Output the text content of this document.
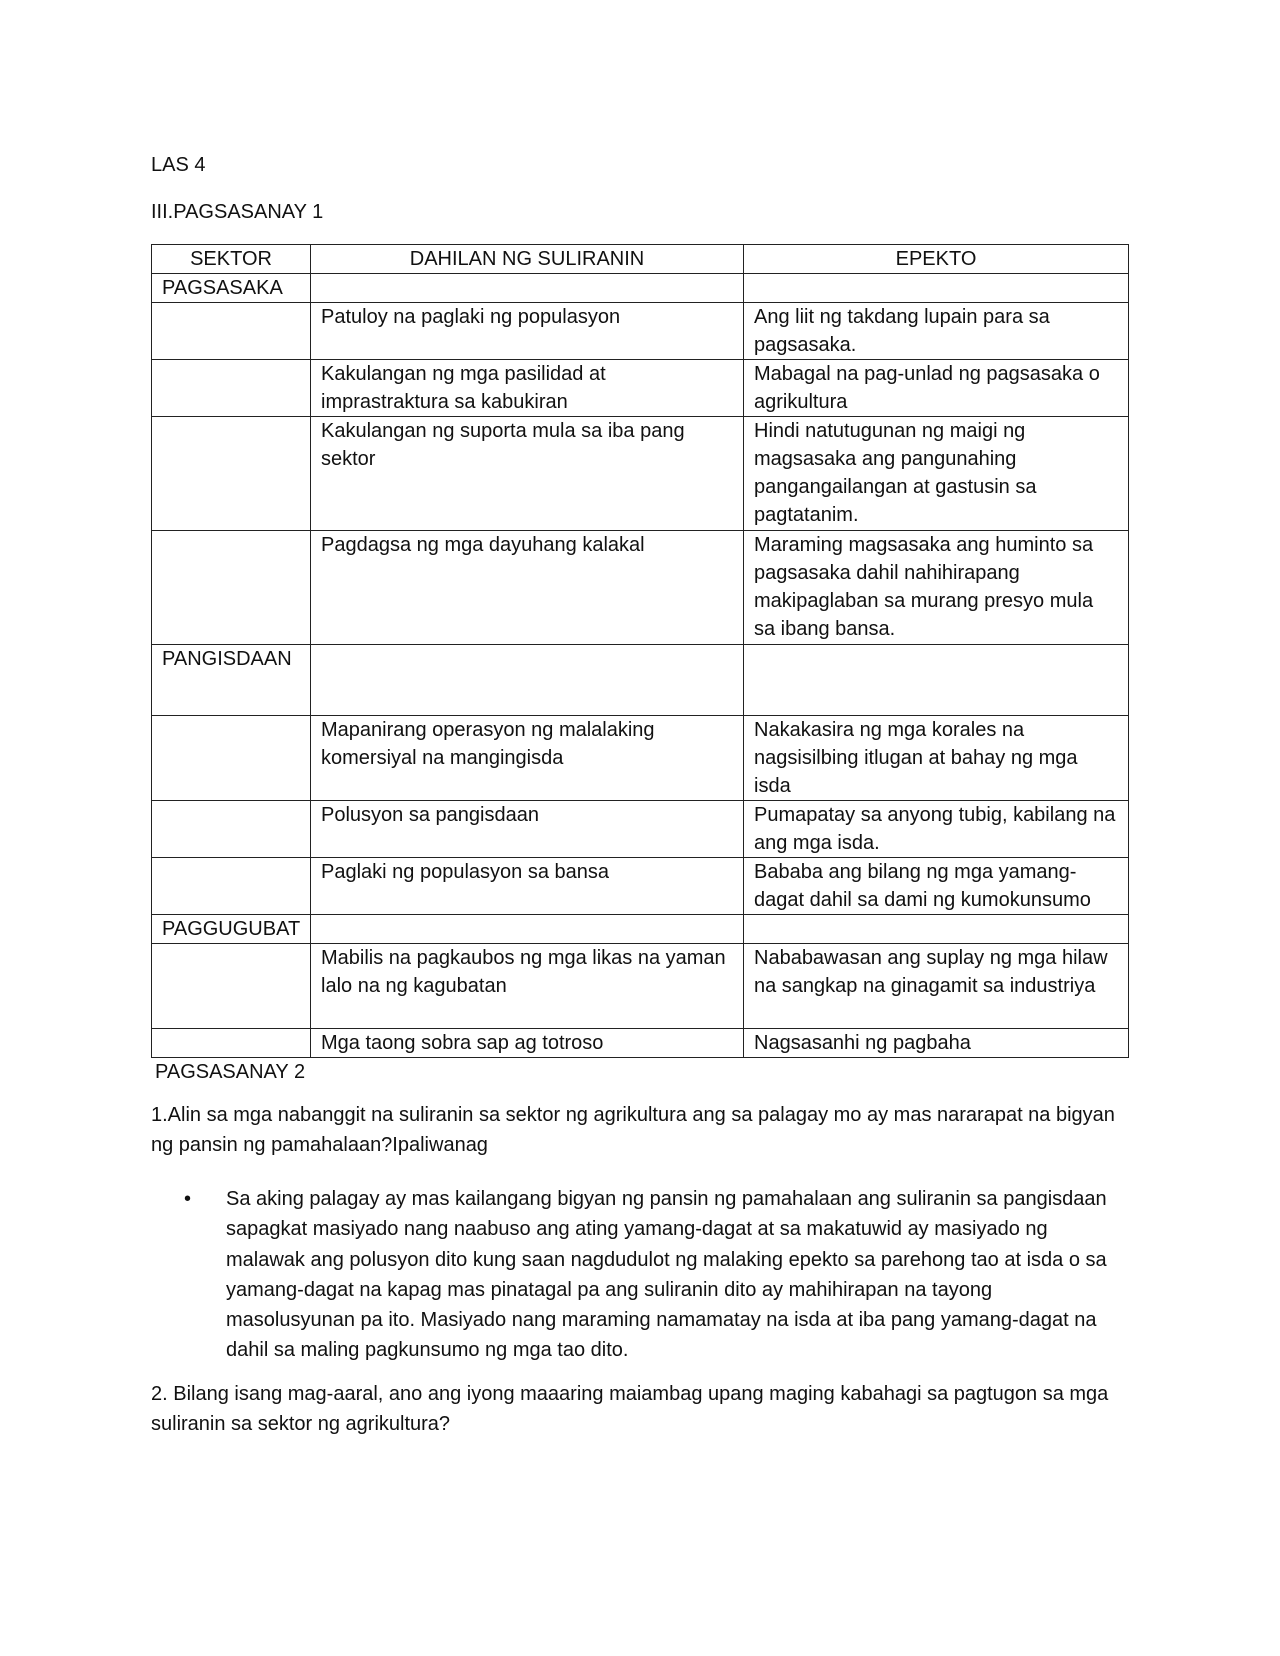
LAS 4
III.PAGSASANAY 1
SEKTOR	DAHILAN NG SULIRANIN	EPEKTO
PAGSASAKA		
	Patuloy na paglaki ng populasyon	Ang liit ng takdang lupain para sa pagsasaka.
	Kakulangan ng mga pasilidad at imprastraktura sa kabukiran	Mabagal na pag-unlad ng pagsasaka o agrikultura
	Kakulangan ng suporta mula sa iba pang sektor	Hindi natutugunan ng maigi ng magsasaka ang pangunahing pangangailangan at gastusin sa pagtatanim.
	Pagdagsa ng mga dayuhang kalakal	Maraming magsasaka ang huminto sa pagsasaka dahil nahihirapang makipaglaban sa murang presyo mula sa ibang bansa.
PANGISDAAN		
	Mapanirang operasyon ng malalaking komersiyal na mangingisda	Nakakasira ng mga korales na nagsisilbing itlugan at bahay ng mga isda
	Polusyon sa pangisdaan	Pumapatay sa anyong tubig, kabilang na ang mga isda.
	Paglaki ng populasyon sa bansa	Bababa ang bilang ng mga yamang-dagat dahil sa dami ng kumokunsumo
PAGGUGUBAT		
	Mabilis na pagkaubos ng mga likas na yaman lalo na ng kagubatan	Nababawasan ang suplay ng mga hilaw na sangkap na ginagamit sa industriya
	Mga taong sobra sap ag totroso	Nagsasanhi ng pagbaha
PAGSASANAY 2
1.Alin sa mga nabanggit na suliranin sa sektor ng agrikultura ang sa palagay mo ay mas nararapat na bigyan ng pansin ng pamahalaan?Ipaliwanag
•	Sa aking palagay ay mas kailangang bigyan ng pansin ng pamahalaan ang suliranin sa pangisdaan sapagkat masiyado nang naabuso ang ating yamang-dagat at sa makatuwid ay masiyado ng malawak ang polusyon dito kung saan nagdudulot ng malaking epekto sa parehong tao at isda o sa yamang-dagat na kapag mas pinatagal pa ang suliranin dito ay mahihirapan na tayong masolusyunan pa ito. Masiyado nang maraming namamatay na isda at iba pang yamang-dagat na dahil sa maling pagkunsumo ng mga tao dito.
2. Bilang isang mag-aaral, ano ang iyong maaaring maiambag upang maging kabahagi sa pagtugon sa mga suliranin sa sektor ng agrikultura?
